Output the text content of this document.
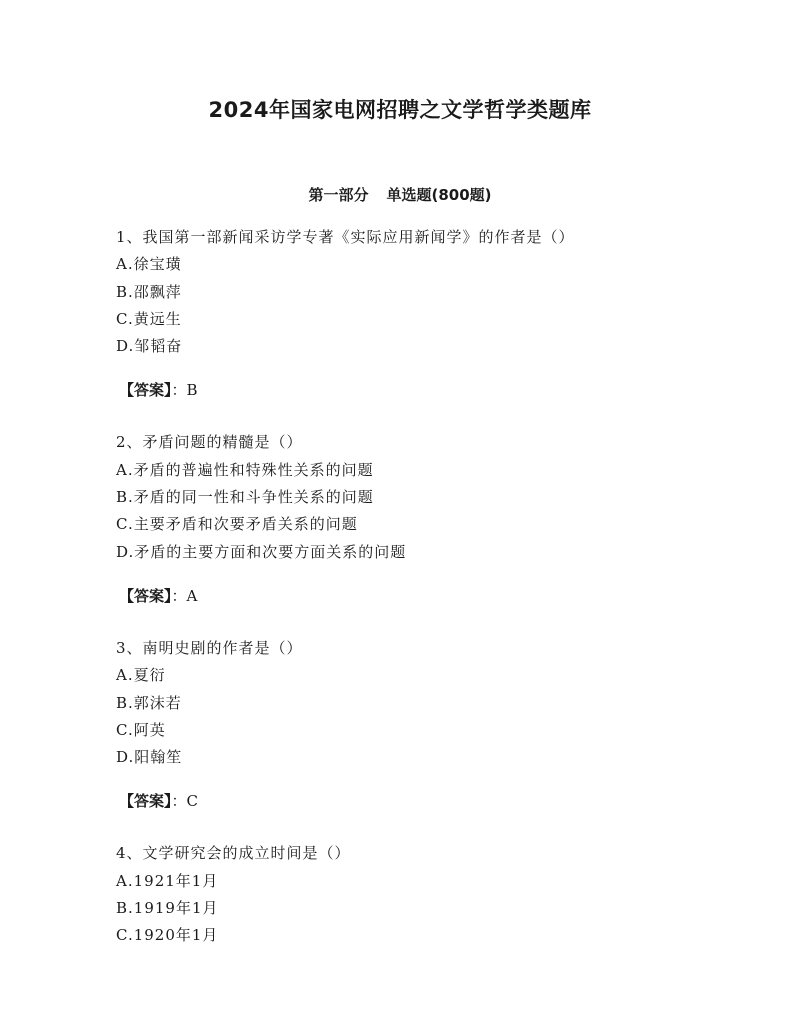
2024年国家电网招聘之文学哲学类题库
第一部分 单选题(800题)
1、我国第一部新闻采访学专著《实际应用新闻学》的作者是（）
A.徐宝璜
B.邵飘萍
C.黄远生
D.邹韬奋
【答案】：B
2、矛盾问题的精髓是（）
A.矛盾的普遍性和特殊性关系的问题
B.矛盾的同一性和斗争性关系的问题
C.主要矛盾和次要矛盾关系的问题
D.矛盾的主要方面和次要方面关系的问题
【答案】：A
3、南明史剧的作者是（）
A.夏衍
B.郭沫若
C.阿英
D.阳翰笙
【答案】：C
4、文学研究会的成立时间是（）
A.1921年1月
B.1919年1月
C.1920年1月
